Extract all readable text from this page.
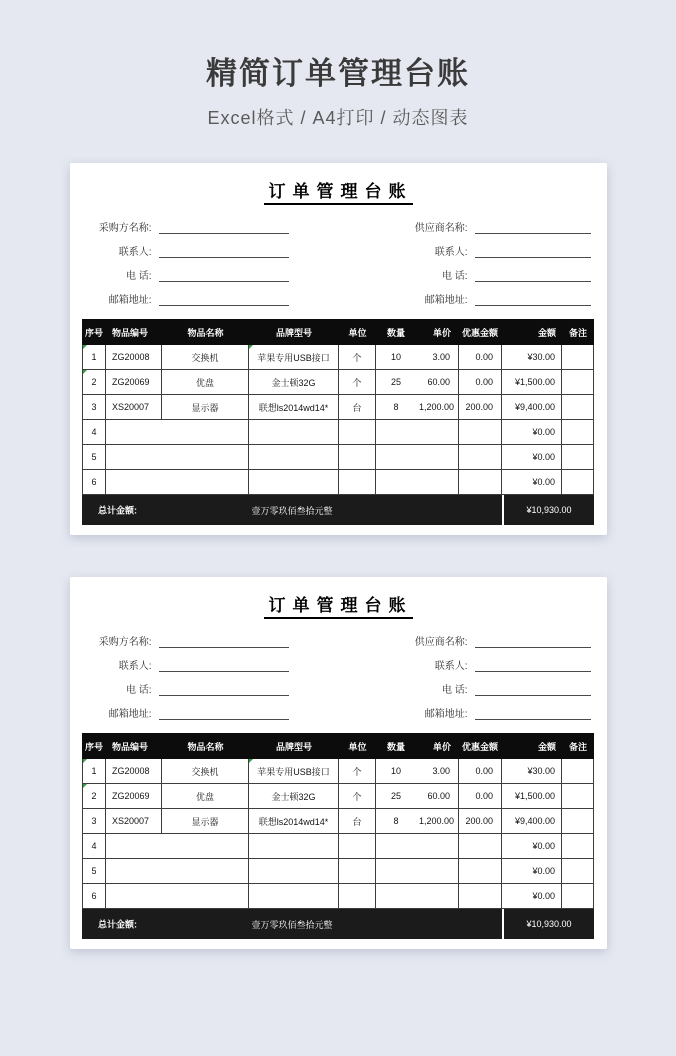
精简订单管理台账
Excel格式 / A4打印 / 动态图表
订单管理台账
采购方名称:
联系人:
电 话:
邮箱地址:
供应商名称:
联系人:
电 话:
邮箱地址:
序号	物品编号	物品名称	品牌型号	单位	数量	单价	优惠金额	金额	备注
1	ZG20008	交换机	苹果专用USB接口	个	10	3.00	0.00	¥30.00	
2	ZG20069	优盘	金士顿32G	个	25	60.00	0.00	¥1,500.00	
3	XS20007	显示器	联想ls2014wd14*	台	8	1,200.00	200.00	¥9,400.00	
4								¥0.00	
5								¥0.00	
6								¥0.00	

总计金额: 壹万零玖佰叁拾元整								¥10,930.00	
订单管理台账
采购方名称:
联系人:
电 话:
邮箱地址:
供应商名称:
联系人:
电 话:
邮箱地址:
序号	物品编号	物品名称	品牌型号	单位	数量	单价	优惠金额	金额	备注
1	ZG20008	交换机	苹果专用USB接口	个	10	3.00	0.00	¥30.00	
2	ZG20069	优盘	金士顿32G	个	25	60.00	0.00	¥1,500.00	
3	XS20007	显示器	联想ls2014wd14*	台	8	1,200.00	200.00	¥9,400.00	
4								¥0.00	
5								¥0.00	
6								¥0.00	

总计金额: 壹万零玖佰叁拾元整								¥10,930.00	
